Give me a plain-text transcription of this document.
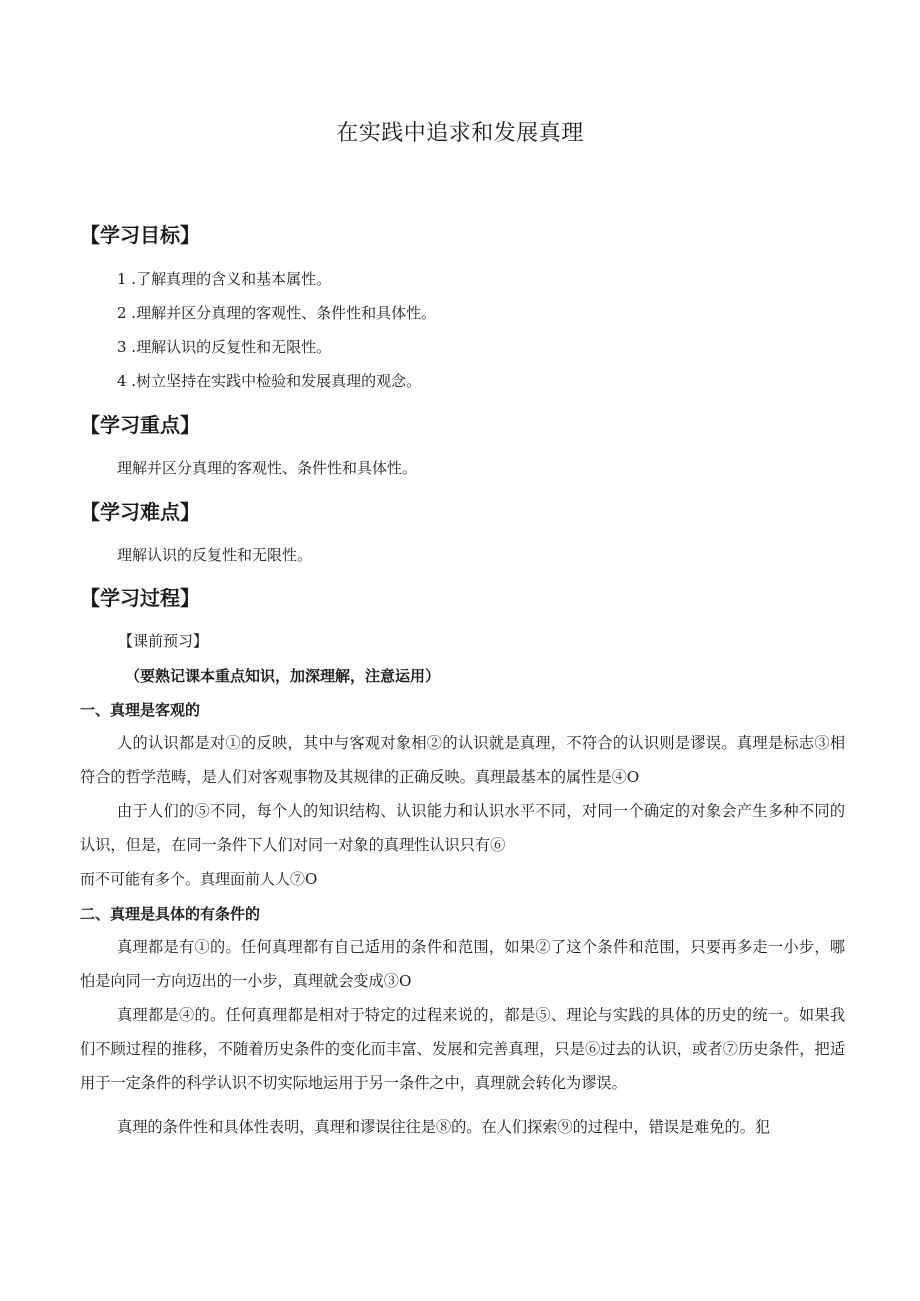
在实践中追求和发展真理
【学习目标】
1 .了解真理的含义和基本属性。
2 .理解并区分真理的客观性、条件性和具体性。
3 .理解认识的反复性和无限性。
4 .树立坚持在实践中检验和发展真理的观念。
【学习重点】
理解并区分真理的客观性、条件性和具体性。
【学习难点】
理解认识的反复性和无限性。
【学习过程】
【课前预习】
（要熟记课本重点知识，加深理解，注意运用）
一、真理是客观的
人的认识都是对①的反映，其中与客观对象相②的认识就是真理，不符合的认识则是谬误。真理是标志③相符合的哲学范畴，是人们对客观事物及其规律的正确反映。真理最基本的属性是④O
由于人们的⑤不同，每个人的知识结构、认识能力和认识水平不同，对同一个确定的对象会产生多种不同的认识，但是，在同一条件下人们对同一对象的真理性认识只有⑥
而不可能有多个。真理面前人人⑦O
二、真理是具体的有条件的
真理都是有①的。任何真理都有自己适用的条件和范围，如果②了这个条件和范围，只要再多走一小步，哪怕是向同一方向迈出的一小步，真理就会变成③O
真理都是④的。任何真理都是相对于特定的过程来说的，都是⑤、理论与实践的具体的历史的统一。如果我们不顾过程的推移，不随着历史条件的变化而丰富、发展和完善真理，只是⑥过去的认识，或者⑦历史条件，把适用于一定条件的科学认识不切实际地运用于另一条件之中，真理就会转化为谬误。
真理的条件性和具体性表明，真理和谬误往往是⑧的。在人们探索⑨的过程中，错误是难免的。犯
